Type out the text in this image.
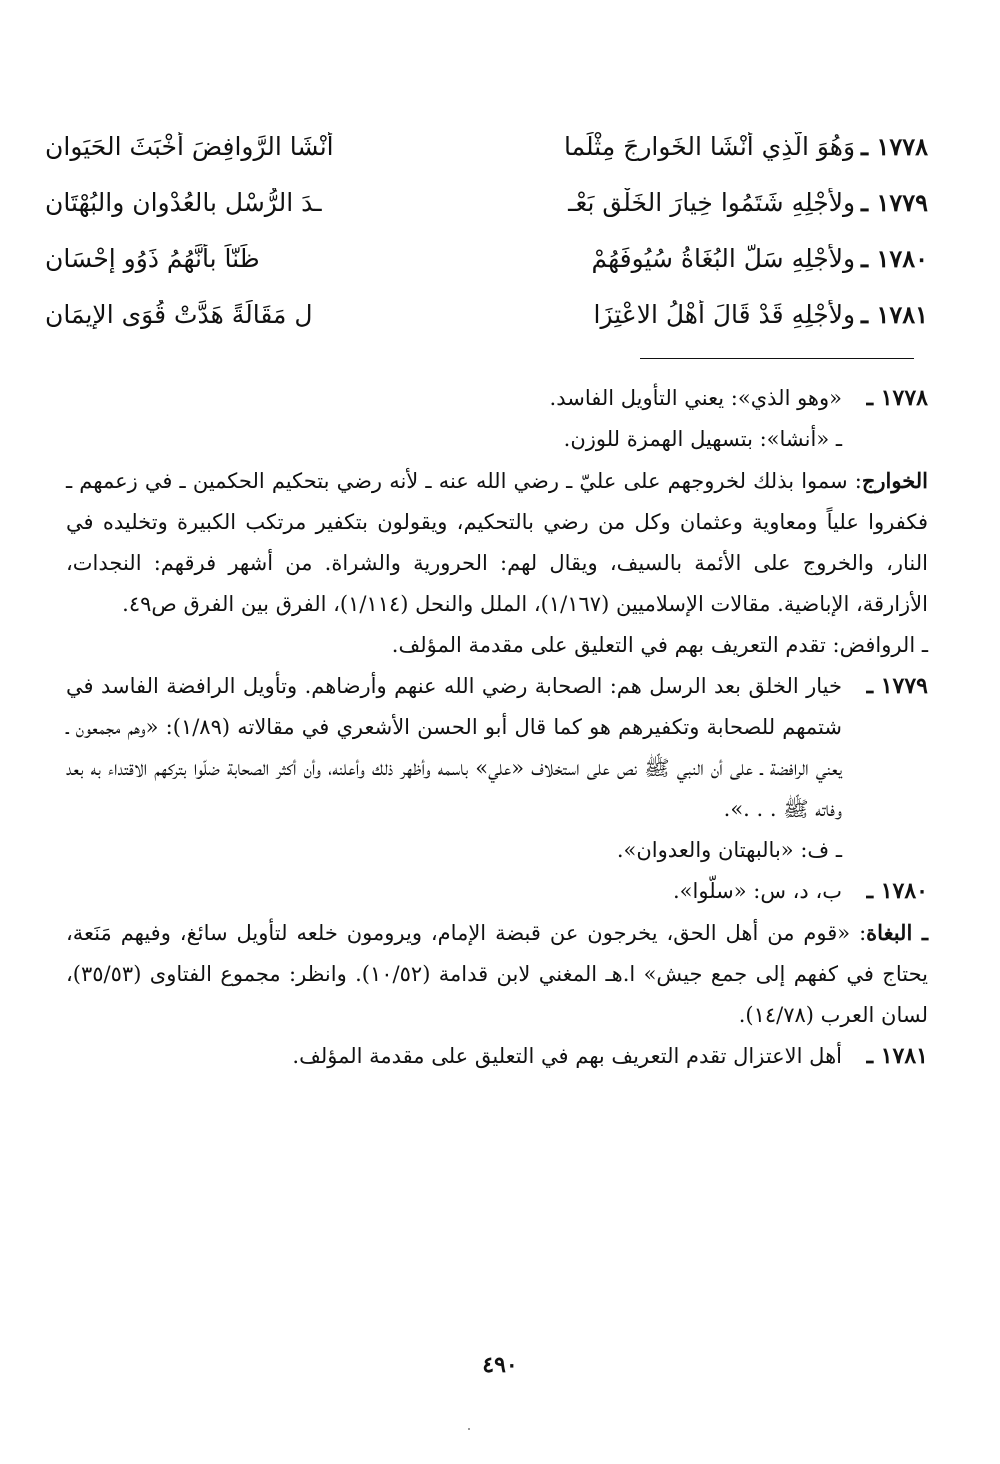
١٧٧٨ ـ
وَهُوَ الَّذِي أَنْشَا الخَوارِجَ مِثْلَما
أَنْشَا الرَّوافِضَ أَخْبَثَ الحَيَوانِ
١٧٧٩ ـ
ولأَجْلِهِ شَتَمُوا خِيارَ الخَلْقِ بَعْـ
ـدَ الرُّسْلِ بالعُدْوانِ والبُهْتَانِ
١٧٨٠ ـ
ولأَجْلِهِ سَلَّ البُغَاةُ سُيُوفَهُمْ
ظَنّاً بأَنَّهُمُ ذَوُو إِحْسَانِ
١٧٨١ ـ
ولأَجْلِهِ قَدْ قَالَ أَهْلُ الاعْتِزَا
لِ مَقَالَةً هَدَّتْ قُوَى الإِيمَانِ
١٧٧٨ ـ

«وهو الذي»: يعني التأويل الفاسد.

ـ «أنشا»: بتسهيل الهمزة للوزن.

الخوارج: سموا بذلك لخروجهم على عليّ ـ رضي الله عنه ـ لأنه رضي بتحكيم الحكمين ـ في زعمهم ـ فكفروا علياً ومعاوية وعثمان وكل من رضي بالتحكيم، ويقولون بتكفير مرتكب الكبيرة وتخليده في النار، والخروج على الأئمة بالسيف، ويقال لهم: الحرورية والشراة. من أشهر فرقهم: النجدات، الأزارقة، الإباضية. مقالات الإسلاميين (١/١٦٧)، الملل والنحل (١/١١٤)، الفرق بين الفرق ص٤٩.

ـ الروافض: تقدم التعريف بهم في التعليق على مقدمة المؤلف.

١٧٧٩ ـ

خيار الخلق بعد الرسل هم: الصحابة رضي الله عنهم وأرضاهم. وتأويل الرافضة الفاسد في شتمهم للصحابة وتكفيرهم هو كما قال أبو الحسن الأشعري في مقالاته (١/٨٩): «وهم مجمعون ـ يعني الرافضة ـ على أن النبي ﷺ نص على استخلاف «علي» باسمه وأظهر ذلك وأعلنه، وأن أكثر الصحابة ضلّوا بتركهم الاقتداء به بعد وفاته ﷺ . . .».

ـ ف: «بالبهتان والعدوان».

١٧٨٠ ـ

ب، د، س: «سلّوا».

ـ البغاة: «قوم من أهل الحق، يخرجون عن قبضة الإمام، ويرومون خلعه لتأويل سائغ، وفيهم مَنَعة، يحتاج في كفهم إلى جمع جيش» ا.هـ المغني لابن قدامة (١٠/٥٢). وانظر: مجموع الفتاوى (٣٥/٥٣)، لسان العرب (١٤/٧٨).

١٧٨١ ـ

أهل الاعتزال تقدم التعريف بهم في التعليق على مقدمة المؤلف.

٤٩٠
